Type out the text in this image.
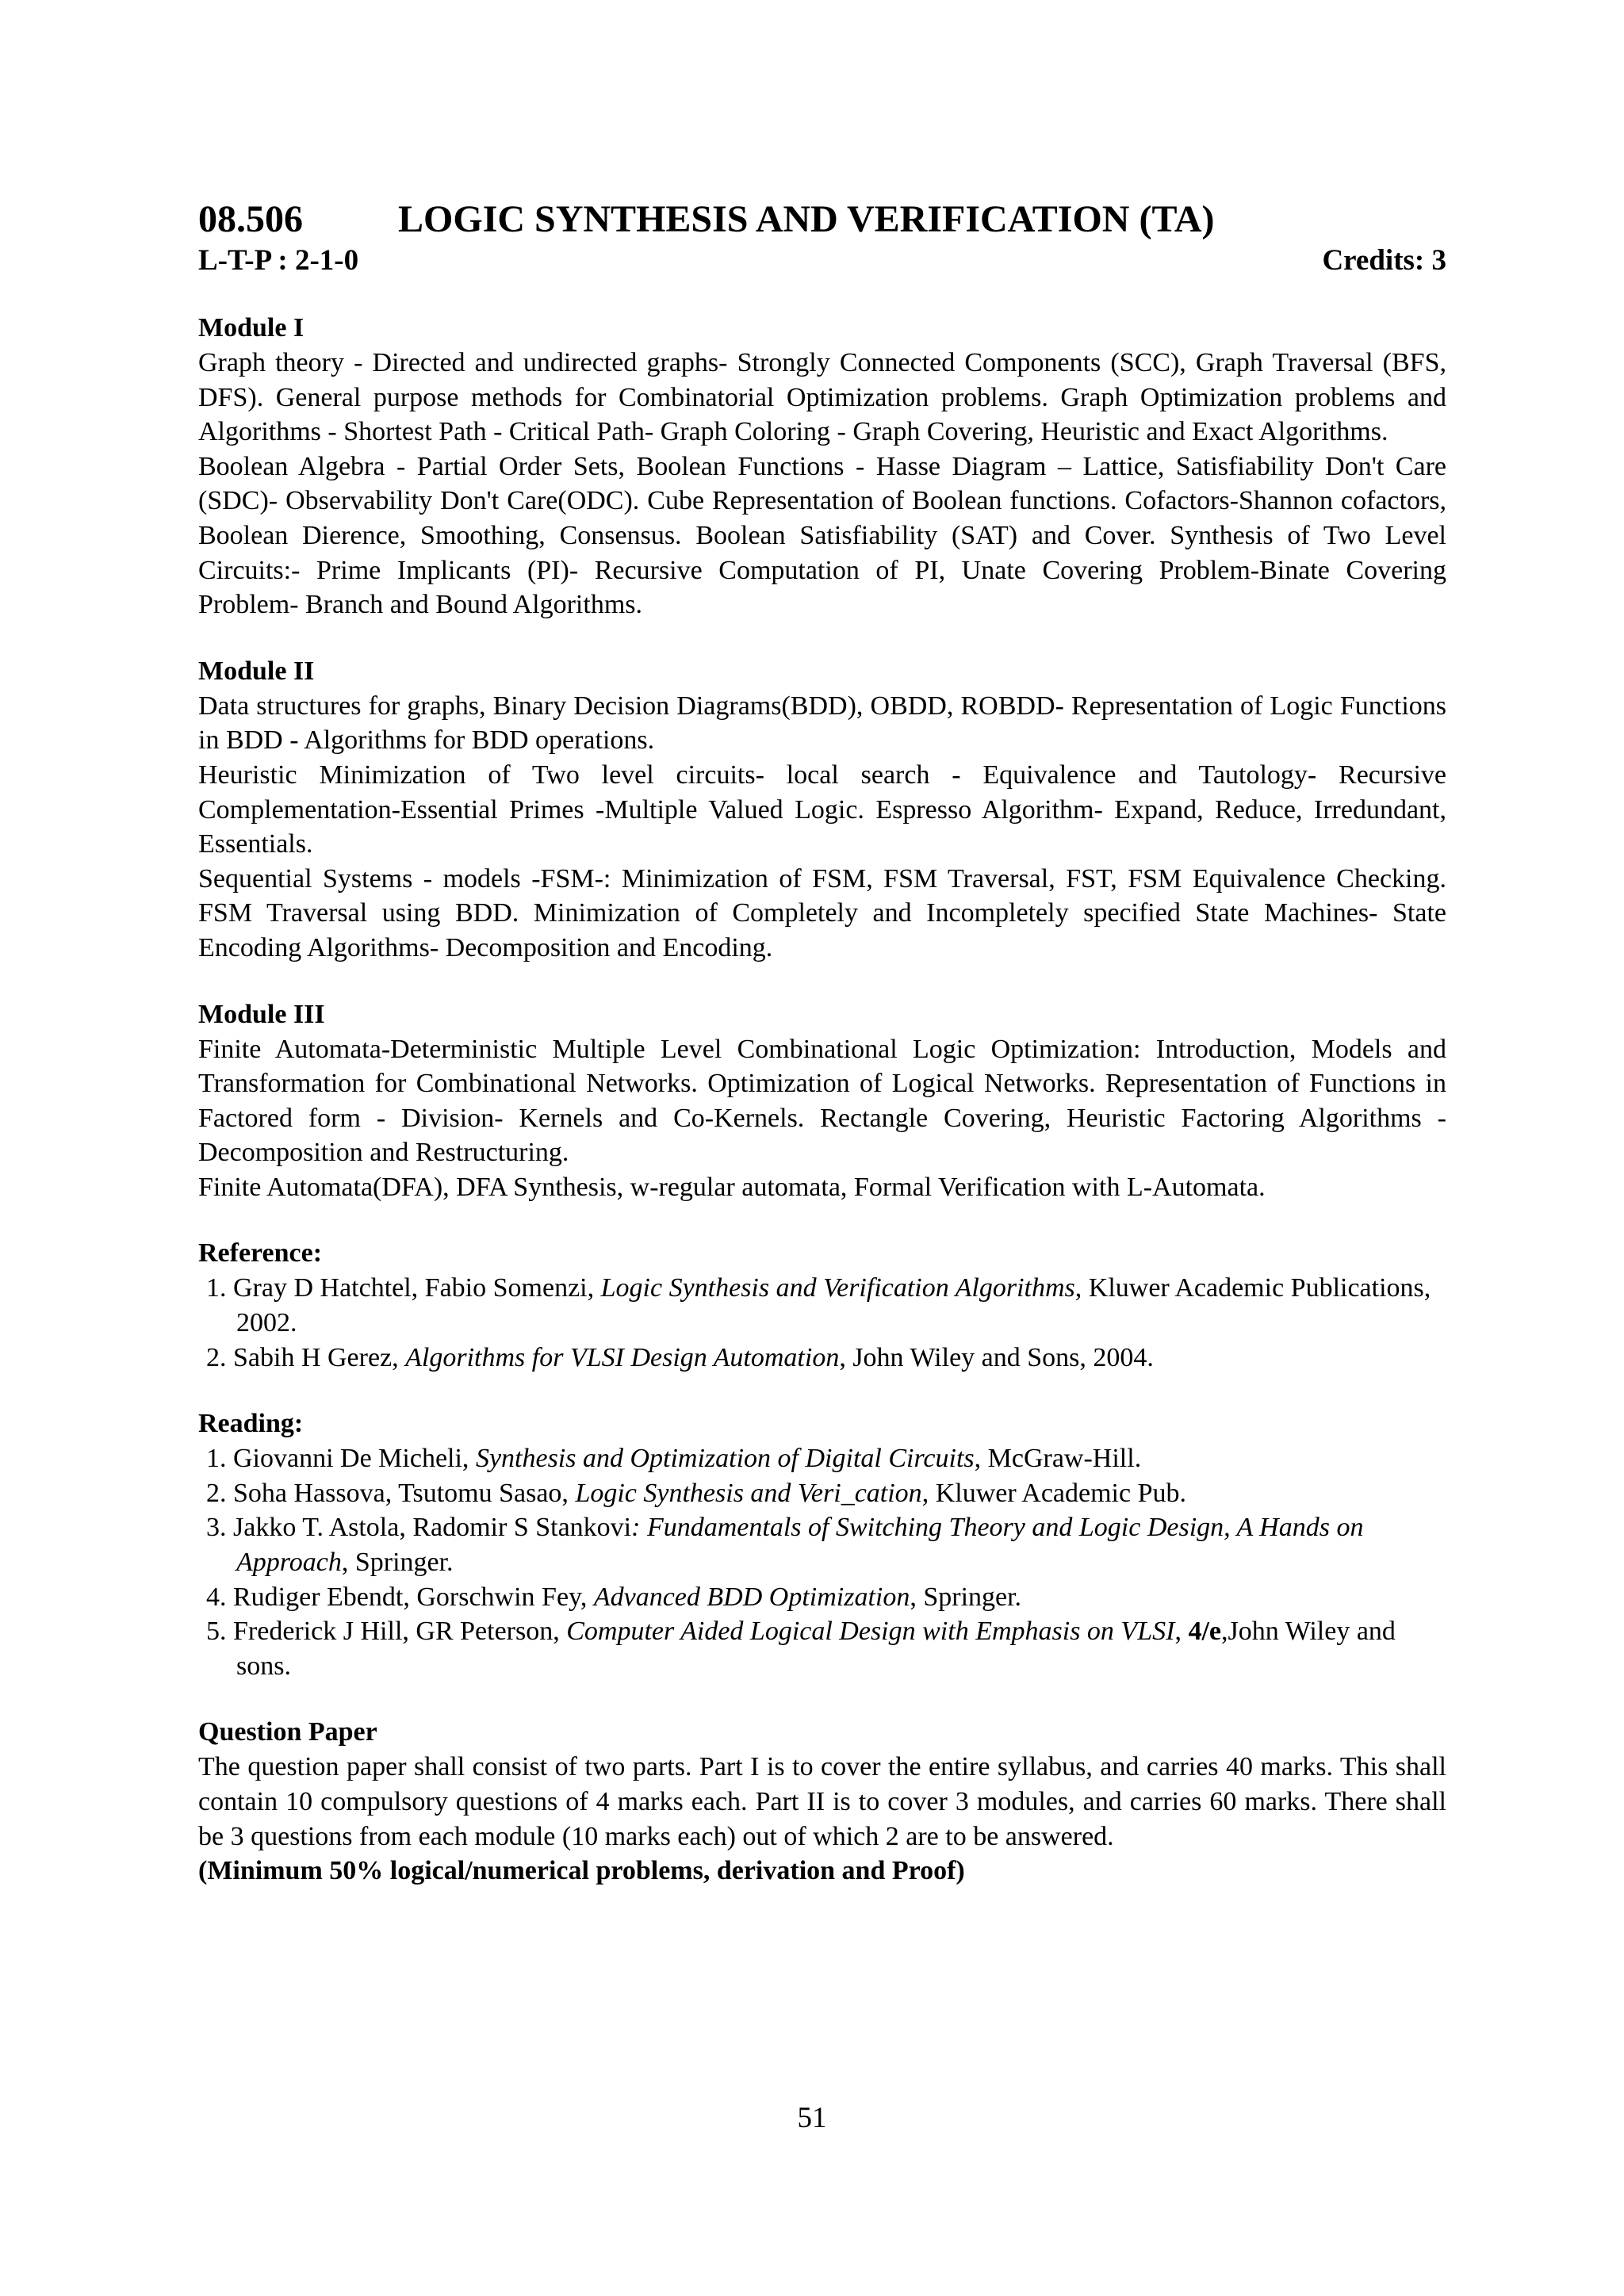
08.506	LOGIC SYNTHESIS AND VERIFICATION (TA)
L-T-P : 2-1-0	Credits: 3
Module I

Graph theory - Directed and undirected graphs- Strongly Connected Components (SCC), Graph Traversal (BFS, DFS). General purpose methods for Combinatorial Optimization problems. Graph Optimization problems and Algorithms - Shortest Path - Critical Path- Graph Coloring - Graph Covering, Heuristic and Exact Algorithms.

Boolean Algebra - Partial Order Sets, Boolean Functions - Hasse Diagram – Lattice, Satisfiability Don't Care (SDC)- Observability Don't Care(ODC). Cube Representation of Boolean functions. Cofactors-Shannon cofactors, Boolean Dierence, Smoothing, Consensus. Boolean Satisfiability (SAT) and Cover. Synthesis of Two Level Circuits:- Prime Implicants (PI)- Recursive Computation of PI, Unate Covering Problem-Binate Covering Problem- Branch and Bound Algorithms.

Module II

Data structures for graphs, Binary Decision Diagrams(BDD), OBDD, ROBDD- Representation of Logic Functions in BDD - Algorithms for BDD operations.

Heuristic Minimization of Two level circuits- local search - Equivalence and Tautology- Recursive Complementation-Essential Primes -Multiple Valued Logic. Espresso Algorithm- Expand, Reduce, Irredundant, Essentials.

Sequential Systems - models -FSM-: Minimization of FSM, FSM Traversal, FST, FSM Equivalence Checking. FSM Traversal using BDD. Minimization of Completely and Incompletely specified State Machines- State Encoding Algorithms- Decomposition and Encoding.

Module III

Finite Automata-Deterministic Multiple Level Combinational Logic Optimization: Introduction, Models and Transformation for Combinational Networks. Optimization of Logical Networks. Representation of Functions in Factored form - Division- Kernels and Co-Kernels. Rectangle Covering, Heuristic Factoring Algorithms - Decomposition and Restructuring.

Finite Automata(DFA), DFA Synthesis, w-regular automata, Formal Verification with L-Automata.

Reference:

1. Gray D Hatchtel, Fabio Somenzi, Logic Synthesis and Verification Algorithms, Kluwer Academic Publications, 2002.

2. Sabih H Gerez, Algorithms for VLSI Design Automation, John Wiley and Sons, 2004.

Reading:

1. Giovanni De Micheli, Synthesis and Optimization of Digital Circuits, McGraw-Hill.

2. Soha Hassova, Tsutomu Sasao, Logic Synthesis and Veri_cation, Kluwer Academic Pub.

3. Jakko T. Astola, Radomir S Stankovi: Fundamentals of Switching Theory and Logic Design, A Hands on Approach, Springer.

4. Rudiger Ebendt, Gorschwin Fey, Advanced BDD Optimization, Springer.

5. Frederick J Hill, GR Peterson, Computer Aided Logical Design with Emphasis on VLSI, 4/e,John Wiley and sons.

Question Paper

The question paper shall consist of two parts. Part I is to cover the entire syllabus, and carries 40 marks. This shall contain 10 compulsory questions of 4 marks each. Part II is to cover 3 modules, and carries 60 marks. There shall be 3 questions from each module (10 marks each) out of which 2 are to be answered.

(Minimum 50% logical/numerical problems, derivation and Proof)

51
